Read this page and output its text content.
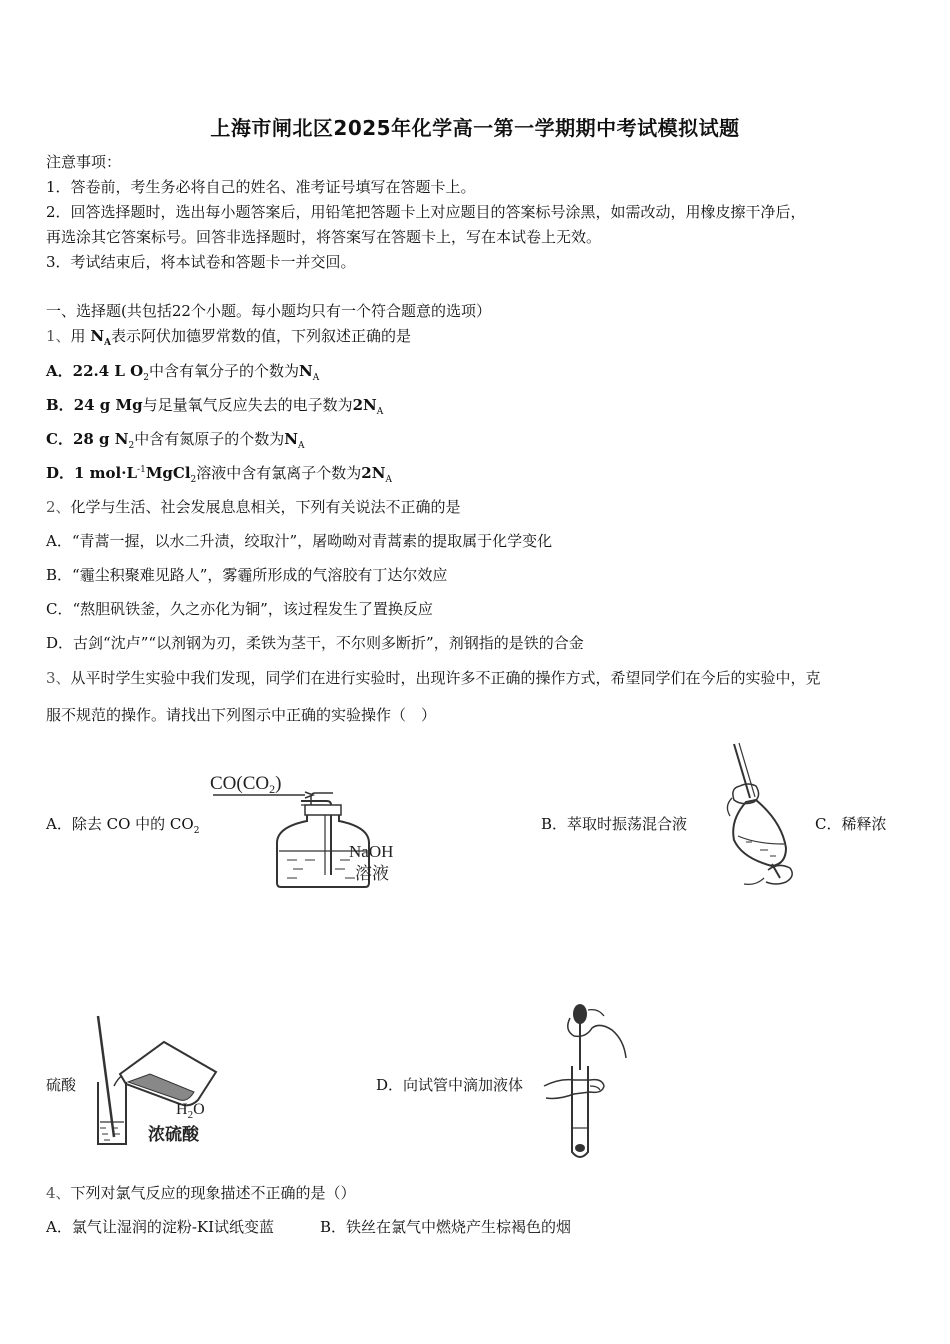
上海市闸北区2025年化学高一第一学期期中考试模拟试题
注意事项：
1．答卷前，考生务必将自己的姓名、准考证号填写在答题卡上。
2．回答选择题时，选出每小题答案后，用铅笔把答题卡上对应题目的答案标号涂黑，如需改动，用橡皮擦干净后，
再选涂其它答案标号。回答非选择题时，将答案写在答题卡上，写在本试卷上无效。
3．考试结束后，将本试卷和答题卡一并交回。
一、选择题(共包括22个小题。每小题均只有一个符合题意的选项）
1、用 $N_A$表示阿伏加德罗常数的值，下列叙述正确的是
A．22.4 L $O_2$中含有氧分子的个数为$N_A$
B．24 g Mg与足量氧气反应失去的电子数为$2N_A$
C．28 g $N_2$中含有氮原子的个数为$N_A$
D．1 $mol\cdot L^{-1}MgCl_2$溶液中含有氯离子个数为$2N_A$
2、化学与生活、社会发展息息相关，下列有关说法不正确的是
A．“青蒿一握，以水二升渍，绞取汁”，屠呦呦对青蒿素的提取属于化学变化
B．“霾尘积聚难见路人”，雾霾所形成的气溶胶有丁达尔效应
C．“熬胆矾铁釜，久之亦化为铜”，该过程发生了置换反应
D．古剑“沈卢”“以剂钢为刃，柔铁为茎干，不尔则多断折”，剂钢指的是铁的合金
3、从平时学生实验中我们发现，同学们在进行实验时，出现许多不正确的操作方式，希望同学们在今后的实验中，克
服不规范的操作。请找出下列图示中正确的实验操作（　）
A．除去 CO 中的 $CO_2$
$CO(CO_2)$
NaOH
溶液
B．萃取时振荡混合液	C．稀释浓
硫酸
$H_2O$
浓硫酸
D．向试管中滴加液体
4、下列对氯气反应的现象描述不正确的是（）
A．氯气让湿润的淀粉-KI试纸变蓝	B．铁丝在氯气中燃烧产生棕褐色的烟
